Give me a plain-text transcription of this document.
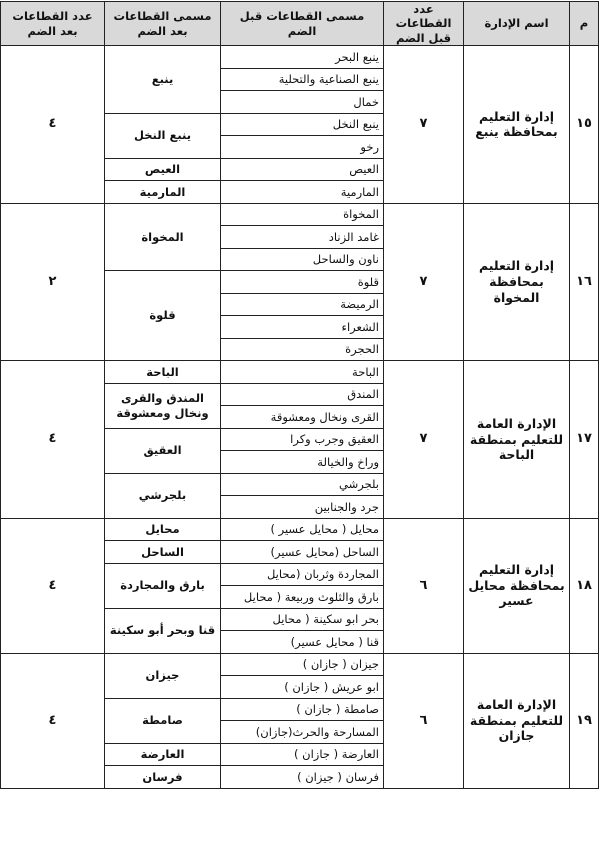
م	اسم الإدارة	عدد القطاعات قبل الضم	مسمى القطاعات قبل الضم	مسمى القطاعات بعد الضم	عدد القطاعات بعد الضم
١٥	إدارة التعليم بمحافظة ينبع	٧	ينبع البحر	ينبع	٤
			ينبع الصناعية والتحلية		
			خمال		
			ينبع النخل	ينبع النخل	
			رخو		
			العيص	العيص	
			المارمية	المارمية	
١٦	إدارة التعليم بمحافظة المخواة	٧	المخواة	المخواة	٢
			غامد الزناد		
			ناون والساحل		
			قلوة	قلوة	
			الرميضة		
			الشعراء		
			الحجرة		
١٧	الإدارة العامة للتعليم بمنطقة الباحة	٧	الباحة	الباحة	٤
			المندق	المندق والقرى ونخال ومعشوقة	
			القرى ونخال ومعشوقة		
			العقيق وجرب وكرا	العقيق	
			وراخ والخيالة		
			بلجرشي	بلجرشي	
			جرد والجنابين		
١٨	إدارة التعليم بمحافظة محايل عسير	٦	محايل ( محايل عسير )	محايل	٤
			الساحل (محايل عسير)	الساحل	
			المجاردة وثربان (محايل	بارق والمجاردة	
			بارق والثلوث وربيعة ( محايل		
			بحر ابو سكينة ( محايل	قنا وبحر أبو سكينة	
			قنا ( محايل عسير)		
١٩	الإدارة العامة للتعليم بمنطقة جازان	٦	جيزان ( جازان )	جيزان	٤
			ابو عريش ( جازان )		
			صامطة ( جازان )	صامطة	
			المسارحة والحرث(جازان)		
			العارضة ( جازان )	العارضة	
			فرسان ( جيزان )	فرسان	
